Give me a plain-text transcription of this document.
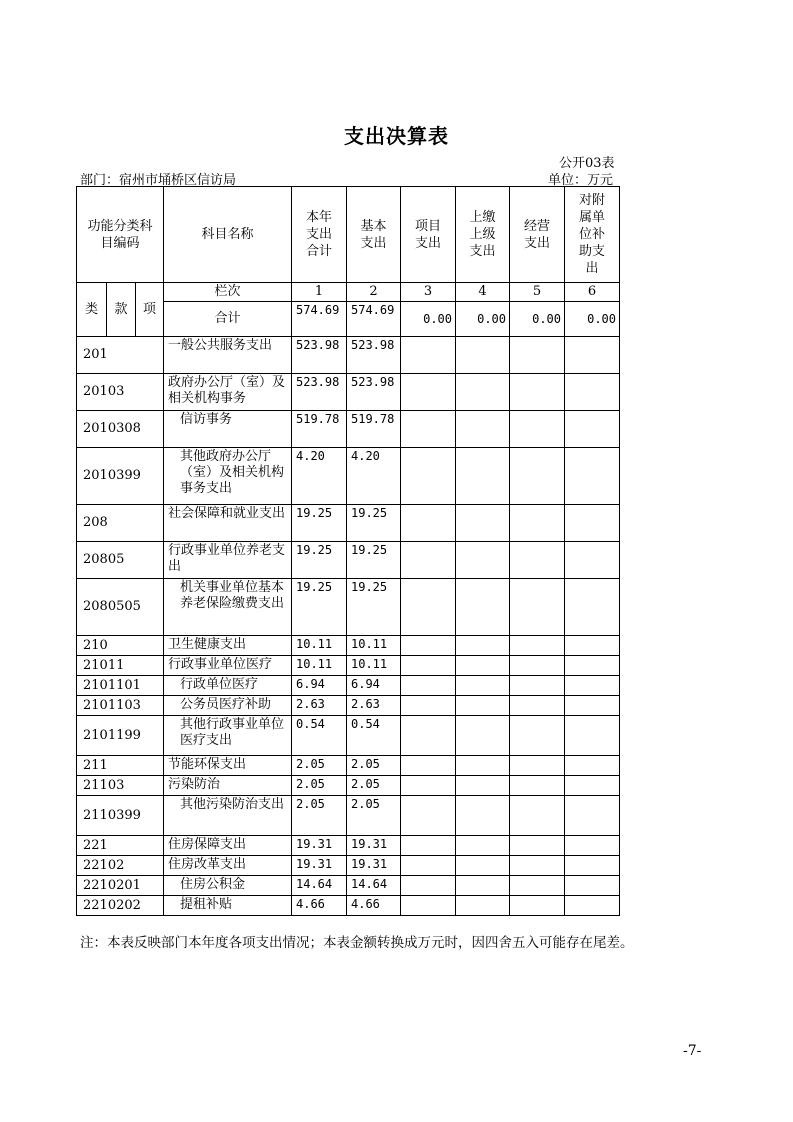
支出决算表
公开03表
部门：宿州市埇桥区信访局	单位：万元
功能分类科目编码			科目名称	本年支出合计	基本支出	项目支出	上缴上级支出	经营支出	对附属单位补助支出
类	款	项	栏次	1	2	3	4	5	6
			合计	574.69	574.69	0.00	0.00	0.00	0.00
201			一般公共服务支出	523.98	523.98				
20103			政府办公厅（室）及相关机构事务	523.98	523.98				
2010308			信访事务	519.78	519.78				
2010399			其他政府办公厅（室）及相关机构事务支出	4.20	4.20				
208			社会保障和就业支出	19.25	19.25				
20805			行政事业单位养老支出	19.25	19.25				
2080505			机关事业单位基本养老保险缴费支出	19.25	19.25				
210			卫生健康支出	10.11	10.11				
21011			行政事业单位医疗	10.11	10.11				
2101101			行政单位医疗	6.94	6.94				
2101103			公务员医疗补助	2.63	2.63				
2101199			其他行政事业单位医疗支出	0.54	0.54				
211			节能环保支出	2.05	2.05				
21103			污染防治	2.05	2.05				
2110399			其他污染防治支出	2.05	2.05				
221			住房保障支出	19.31	19.31				
22102			住房改革支出	19.31	19.31				
2210201			住房公积金	14.64	14.64				
2210202			提租补贴	4.66	4.66				
注：本表反映部门本年度各项支出情况；本表金额转换成万元时，因四舍五入可能存在尾差。
-7-
